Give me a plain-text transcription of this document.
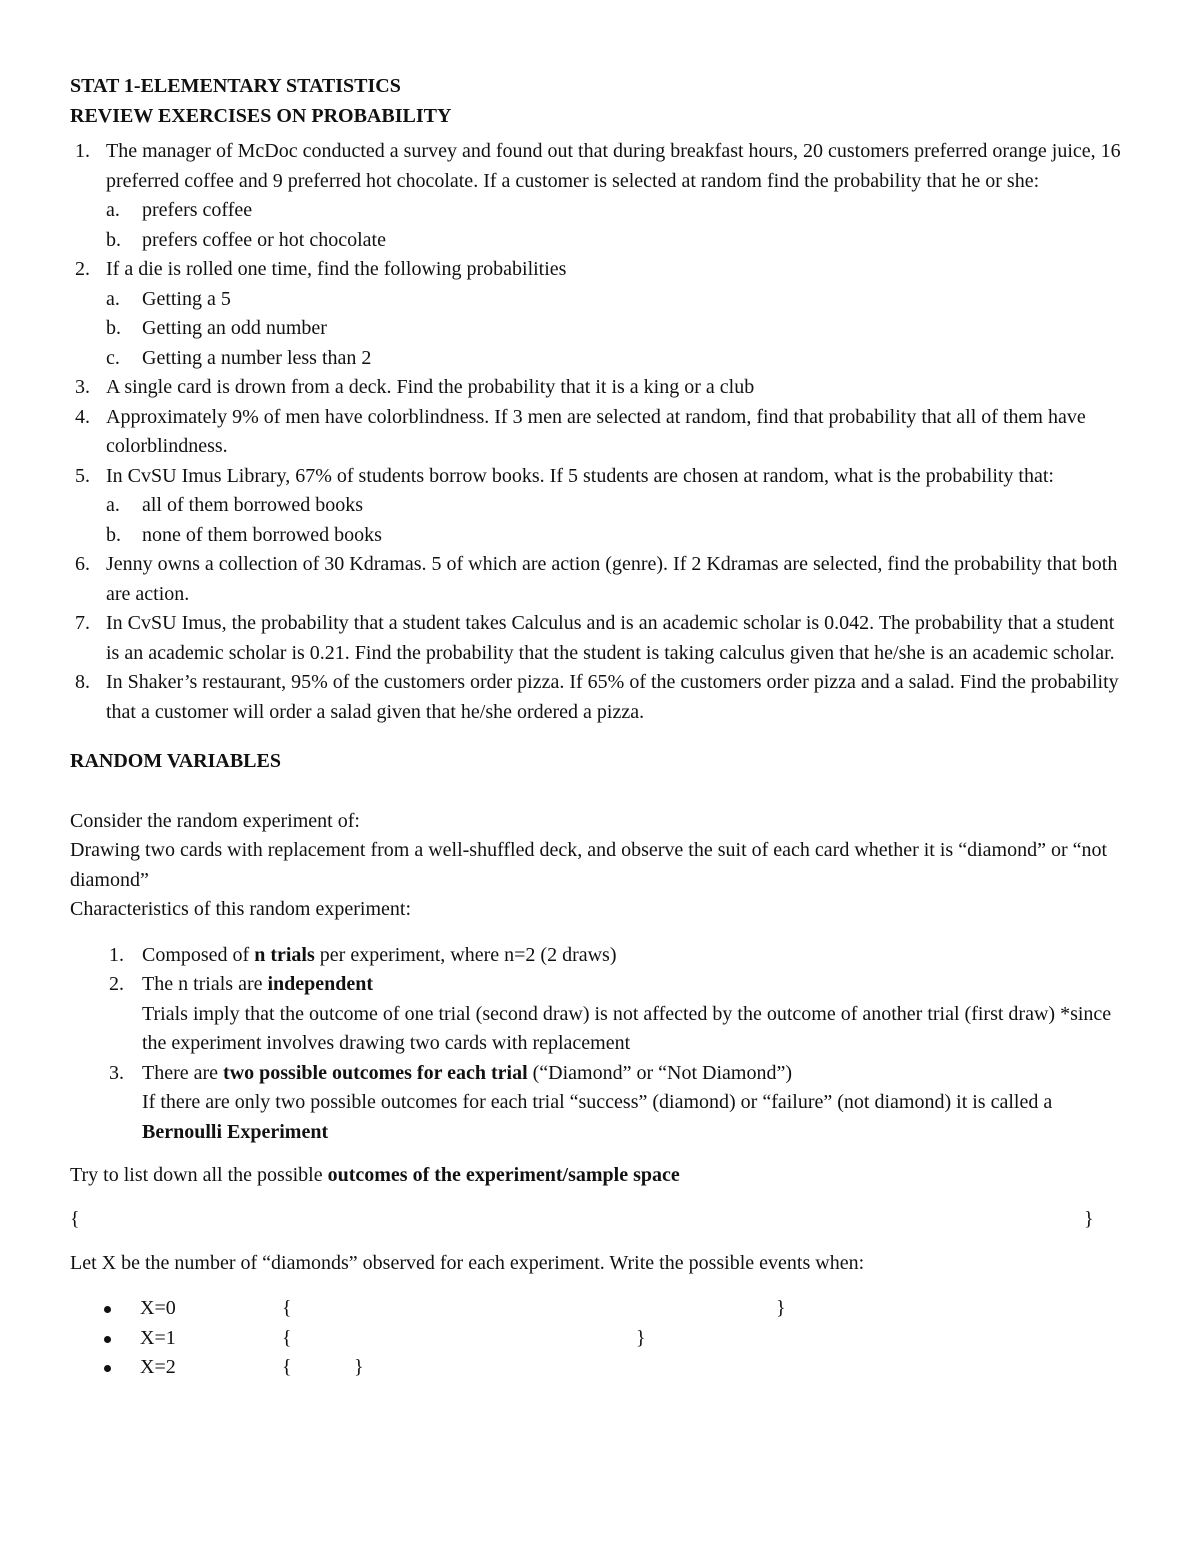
STAT 1-ELEMENTARY STATISTICS

REVIEW EXERCISES ON PROBABILITY

1. The manager of McDoc conducted a survey and found out that during breakfast hours, 20 customers preferred orange juice, 16 preferred coffee and 9 preferred hot chocolate. If a customer is selected at random find the probability that he or she:
a. prefers coffee
b. prefers coffee or hot chocolate
2. If a die is rolled one time, find the following probabilities
a. Getting a 5
b. Getting an odd number
c. Getting a number less than 2
3. A single card is drown from a deck. Find the probability that it is a king or a club
4. Approximately 9% of men have colorblindness. If 3 men are selected at random, find that probability that all of them have colorblindness.
5. In CvSU Imus Library, 67% of students borrow books. If 5 students are chosen at random, what is the probability that:
a. all of them borrowed books
b. none of them borrowed books
6. Jenny owns a collection of 30 Kdramas. 5 of which are action (genre). If 2 Kdramas are selected, find the probability that both are action.
7. In CvSU Imus, the probability that a student takes Calculus and is an academic scholar is 0.042. The probability that a student is an academic scholar is 0.21. Find the probability that the student is taking calculus given that he/she is an academic scholar.
8. In Shaker’s restaurant, 95% of the customers order pizza. If 65% of the customers order pizza and a salad. Find the probability that a customer will order a salad given that he/she ordered a pizza.

RANDOM VARIABLES

Consider the random experiment of:

Drawing two cards with replacement from a well-shuffled deck, and observe the suit of each card whether it is “diamond” or “not diamond”

Characteristics of this random experiment:

1. Composed of n trials per experiment, where n=2 (2 draws)
2. The n trials are independent
Trials imply that the outcome of one trial (second draw) is not affected by the outcome of another trial (first draw) *since the experiment involves drawing two cards with replacement
3. There are two possible outcomes for each trial (“Diamond” or “Not Diamond”)
If there are only two possible outcomes for each trial “success” (diamond) or “failure” (not diamond) it is called a Bernoulli Experiment

Try to list down all the possible outcomes of the experiment/sample space

{	}

Let X be the number of “diamonds” observed for each experiment. Write the possible events when:

X=0	{	}
X=1	{	}
X=2	{	}
